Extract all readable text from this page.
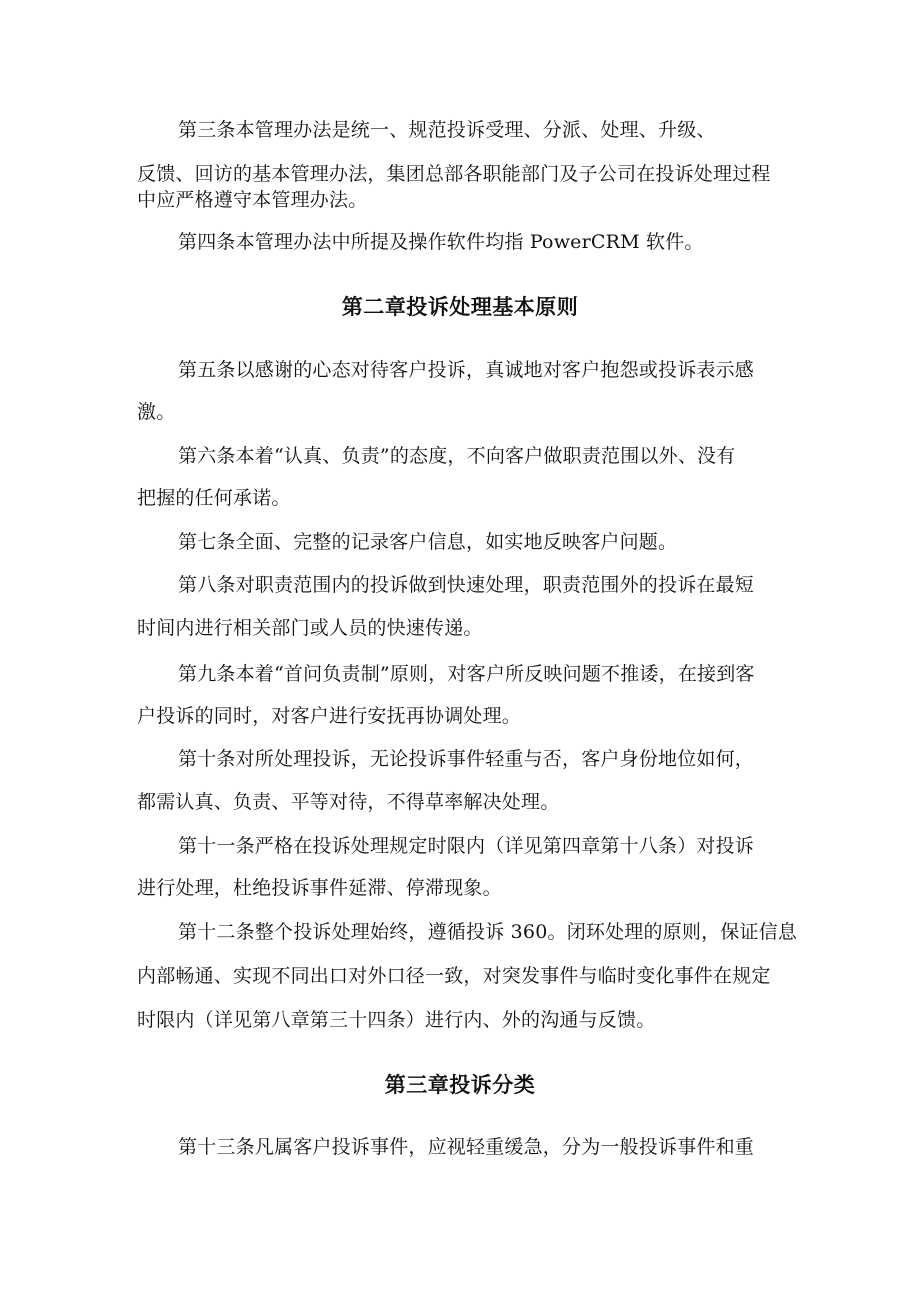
第三条本管理办法是统一、规范投诉受理、分派、处理、升级、
反馈、回访的基本管理办法，集团总部各职能部门及子公司在投诉处理过程
中应严格遵守本管理办法。
第四条本管理办法中所提及操作软件均指 PowerCRM 软件。
第二章投诉处理基本原则
第五条以感谢的心态对待客户投诉，真诚地对客户抱怨或投诉表示感
激。
第六条本着“认真、负责”的态度，不向客户做职责范围以外、没有
把握的任何承诺。
第七条全面、完整的记录客户信息，如实地反映客户问题。
第八条对职责范围内的投诉做到快速处理，职责范围外的投诉在最短
时间内进行相关部门或人员的快速传递。
第九条本着“首问负责制”原则，对客户所反映问题不推诿，在接到客
户投诉的同时，对客户进行安抚再协调处理。
第十条对所处理投诉，无论投诉事件轻重与否，客户身份地位如何，
都需认真、负责、平等对待，不得草率解决处理。
第十一条严格在投诉处理规定时限内（详见第四章第十八条）对投诉
进行处理，杜绝投诉事件延滞、停滞现象。
第十二条整个投诉处理始终，遵循投诉 360。闭环处理的原则，保证信息
内部畅通、实现不同出口对外口径一致，对突发事件与临时变化事件在规定
时限内（详见第八章第三十四条）进行内、外的沟通与反馈。
第三章投诉分类
第十三条凡属客户投诉事件，应视轻重缓急，分为一般投诉事件和重
